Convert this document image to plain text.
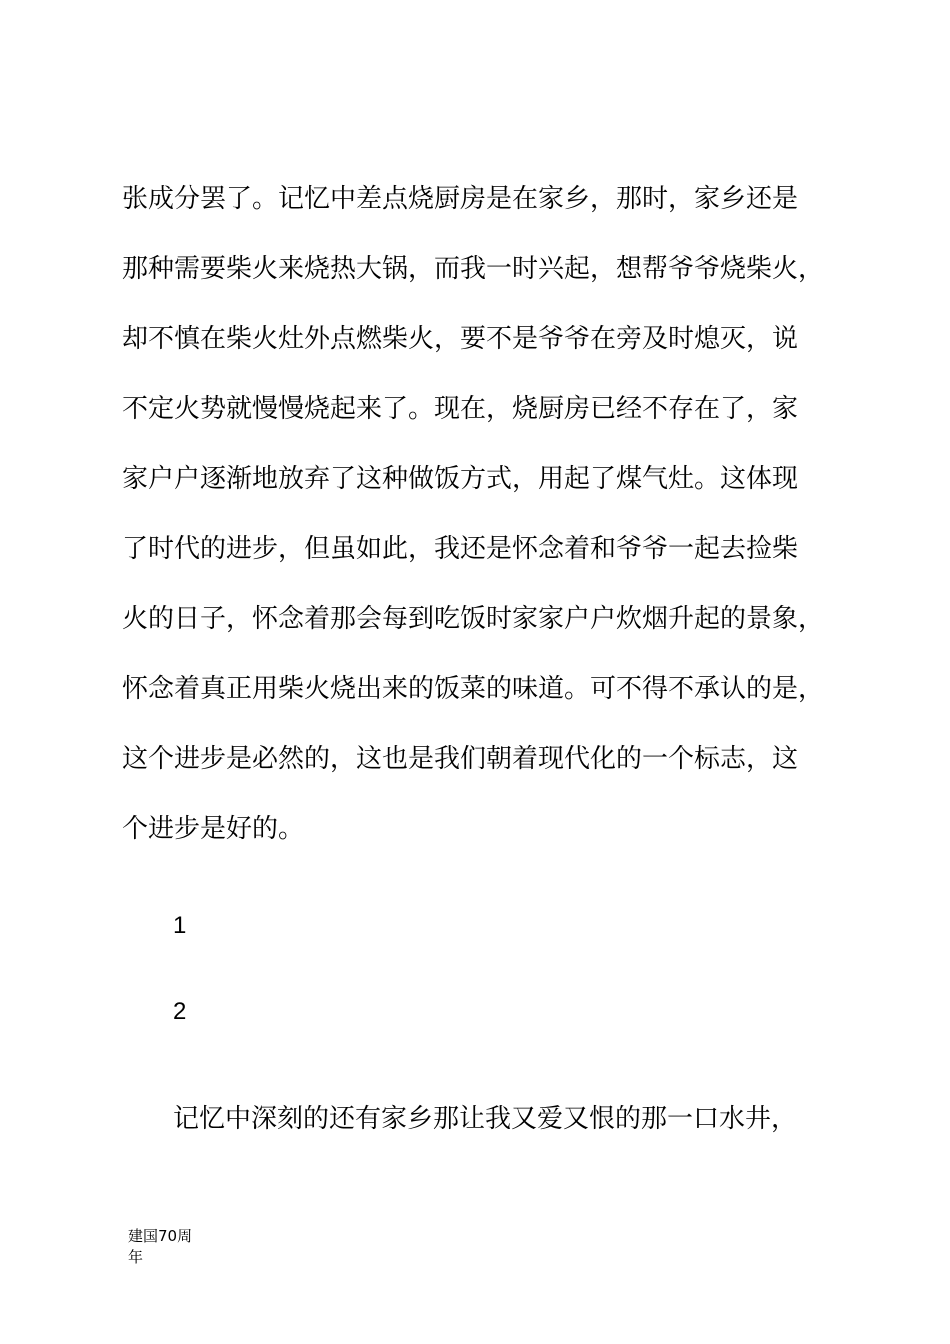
张成分罢了。记忆中差点烧厨房是在家乡，那时，家乡还是
那种需要柴火来烧热大锅，而我一时兴起，想帮爷爷烧柴火，
却不慎在柴火灶外点燃柴火，要不是爷爷在旁及时熄灭，说
不定火势就慢慢烧起来了。现在，烧厨房已经不存在了，家
家户户逐渐地放弃了这种做饭方式，用起了煤气灶。这体现
了时代的进步，但虽如此，我还是怀念着和爷爷一起去捡柴
火的日子，怀念着那会每到吃饭时家家户户炊烟升起的景象，
怀念着真正用柴火烧出来的饭菜的味道。可不得不承认的是，
这个进步是必然的，这也是我们朝着现代化的一个标志，这
个进步是好的。

1

2

记忆中深刻的还有家乡那让我又爱又恨的那一口水井，

建国70周
年
